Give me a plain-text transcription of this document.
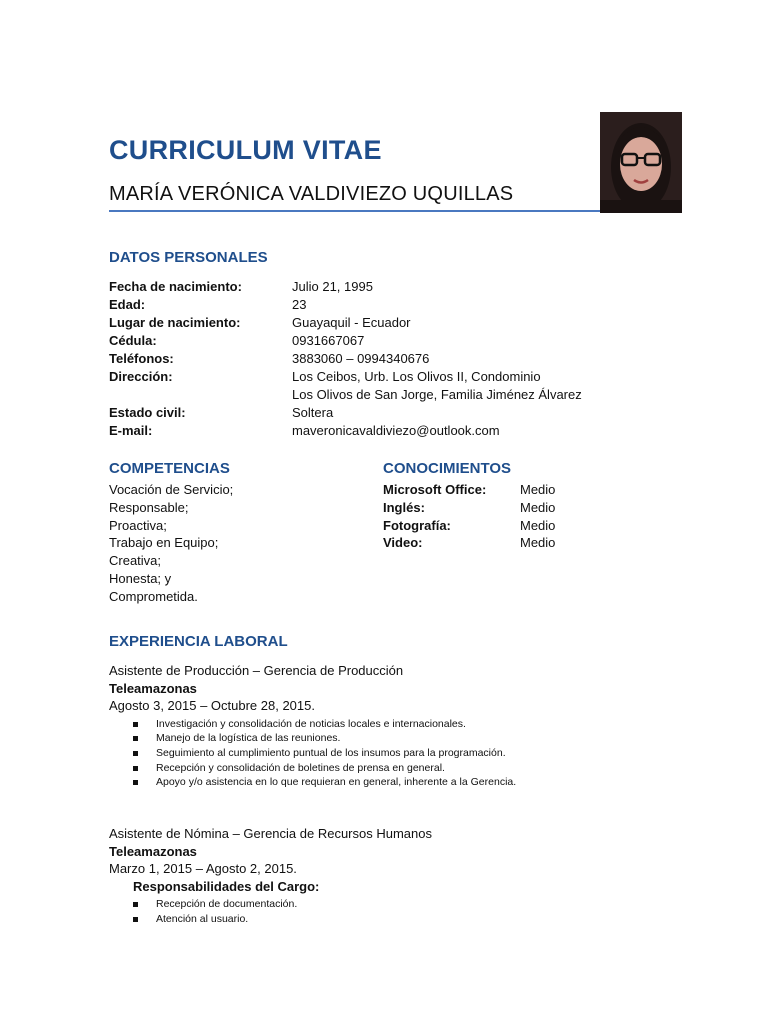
CURRICULUM VITAE
MARÍA VERÓNICA VALDIVIEZO UQUILLAS
DATOS PERSONALES
Fecha de nacimiento:	Julio 21, 1995
Edad:	23
Lugar de nacimiento:	Guayaquil - Ecuador
Cédula:	0931667067
Teléfonos:	3883060 – 0994340676
Dirección:	Los Ceibos, Urb. Los Olivos II, Condominio
Los Olivos de San Jorge, Familia Jiménez Álvarez
Estado civil:	Soltera
E-mail:	maveronicavaldiviezo@outlook.com
COMPETENCIAS
Vocación de Servicio;
Responsable;
Proactiva;
Trabajo en Equipo;
Creativa;
Honesta; y
Comprometida.
CONOCIMIENTOS
Microsoft Office:	Medio
Inglés:	Medio
Fotografía:	Medio
Video:	Medio
EXPERIENCIA LABORAL
Asistente de Producción – Gerencia de Producción
Teleamazonas
Agosto 3, 2015 – Octubre 28, 2015.
Investigación y consolidación de noticias locales e internacionales.
Manejo de la logística de las reuniones.
Seguimiento al cumplimiento puntual de los insumos para la programación.
Recepción y consolidación de boletines de prensa en general.
Apoyo y/o asistencia en lo que requieran en general, inherente a la Gerencia.
Asistente de Nómina – Gerencia de Recursos Humanos
Teleamazonas
Marzo 1, 2015 – Agosto 2, 2015.
Responsabilidades del Cargo:
Recepción de documentación.
Atención al usuario.
